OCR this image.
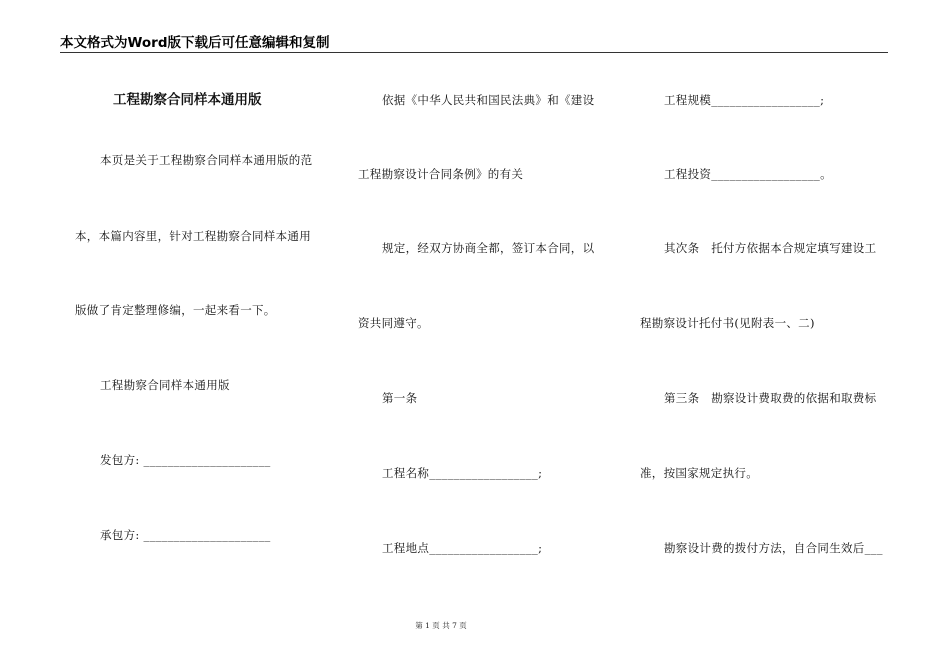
本文格式为Word版下载后可任意编辑和复制
工程勘察合同样本通用版
本页是关于工程勘察合同样本通用版的范
本，本篇内容里，针对工程勘察合同样本通用
版做了肯定整理修编，一起来看一下。
工程勘察合同样本通用版
发包方: _____________________
承包方: _____________________
依据《中华人民共和国民法典》和《建设
工程勘察设计合同条例》的有关
规定，经双方协商全都，签订本合同，以
资共同遵守。
第一条
工程名称__________________;
工程地点__________________;
工程规模__________________;
工程投资__________________。
其次条　托付方依据本合规定填写建设工
程勘察设计托付书(见附表一、二)
第三条　勘察设计费取费的依据和取费标
准，按国家规定执行。
勘察设计费的拨付方法，自合同生效后___
第 1 页 共 7 页
